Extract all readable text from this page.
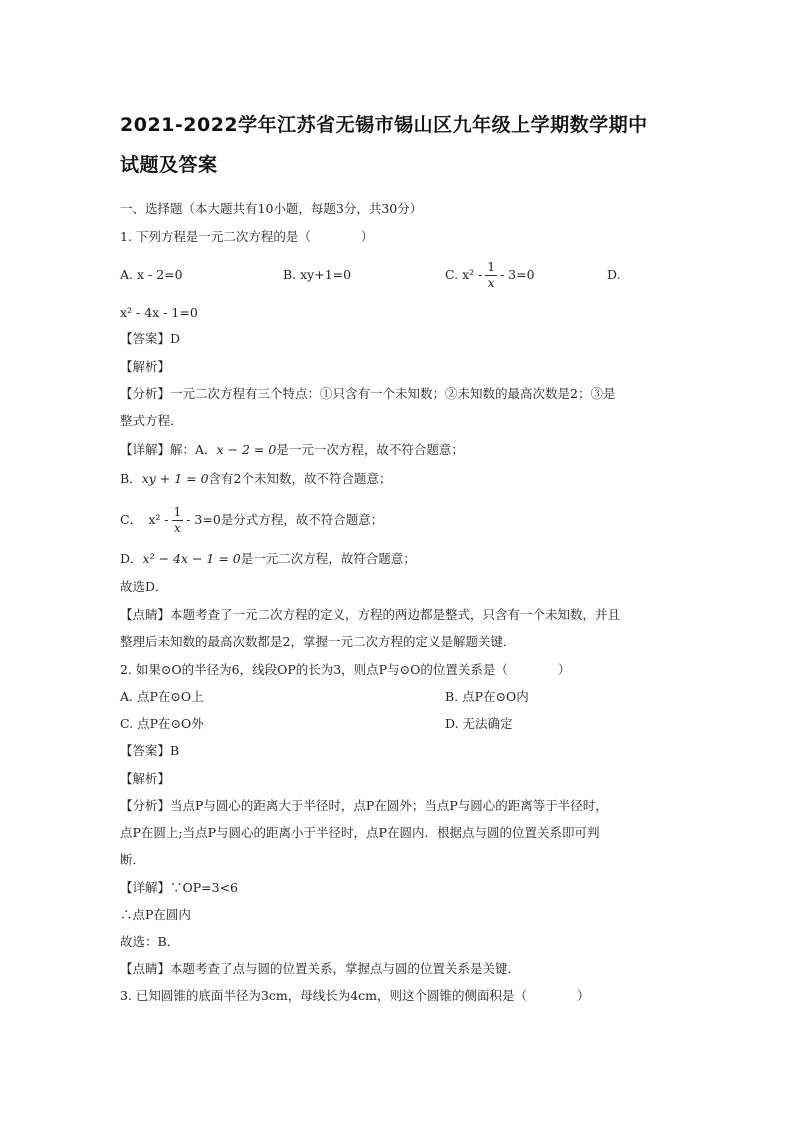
2021-2022学年江苏省无锡市锡山区九年级上学期数学期中
试题及答案
一、选择题（本大题共有10小题，每题3分，共30分）
1. 下列方程是一元二次方程的是（　　　　）
A. x - 2=0	B. xy+1=0	C. $x^2 - \frac{1}{x} - 3=0$	D.
x² - 4x - 1=0
【答案】D
【解析】
【分析】一元二次方程有三个特点：①只含有一个未知数；②未知数的最高次数是2；③是
整式方程．
【详解】解：A．x − 2 = 0是一元一次方程，故不符合题意；
B．xy + 1 = 0含有2个未知数，故不符合题意；
C．　$x^2 - \frac{1}{x} - 3=0$是分式方程，故不符合题意；
D．x² − 4x − 1 = 0是一元二次方程，故符合题意；
故选D．
【点睛】本题考查了一元二次方程的定义，方程的两边都是整式，只含有一个未知数，并且
整理后未知数的最高次数都是2，掌握一元二次方程的定义是解题关键．
2. 如果⊙O的半径为6，线段OP的长为3，则点P与⊙O的位置关系是（　　　　）
A. 点P在⊙O上	B. 点P在⊙O内
C. 点P在⊙O外	D. 无法确定
【答案】B
【解析】
【分析】当点P与圆心的距离大于半径时，点P在圆外；当点P与圆心的距离等于半径时，
点P在圆上;当点P与圆心的距离小于半径时，点P在圆内．根据点与圆的位置关系即可判
断．
【详解】∵OP=3<6
∴点P在圆内
故选：B．
【点睛】本题考查了点与圆的位置关系，掌握点与圆的位置关系是关键．
3. 已知圆锥的底面半径为3cm，母线长为4cm，则这个圆锥的侧面积是（　　　　）
